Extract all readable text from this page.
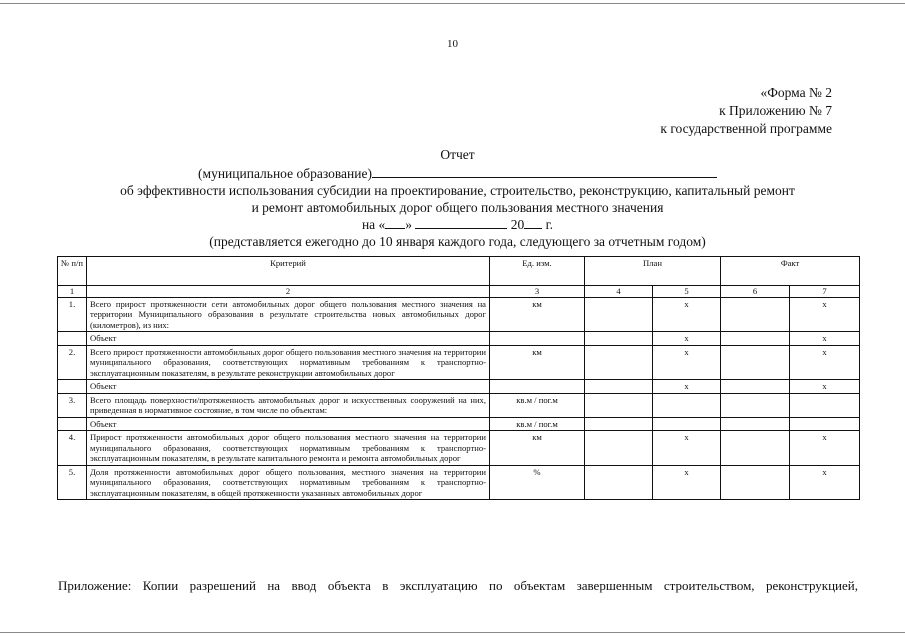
10
«Форма № 2
к Приложению № 7
к государственной программе
Отчет
(муниципальное образование)
об эффективности использования субсидии на проектирование, строительство, реконструкцию, капитальный ремонт
и ремонт автомобильных дорог общего пользования местного значения
на « »	20 г.
(представляется ежегодно до 10 января каждого года, следующего за отчетным годом)
№ п/п	Критерий	Ед. изм.	План		Факт	
1	2	3	4	5	6	7
1.	Всего прирост протяженности сети автомобильных дорог общего пользования местного значения на территории Муниципального образования в результате строительства новых автомобильных дорог (километров), из них:	км		x		x
	Объект			x		x
2.	Всего прирост протяженности автомобильных дорог общего пользования местного значения на территории муниципального образования, соответствующих нормативным требованиям к транспортно-эксплуатационным показателям, в результате реконструкции автомобильных дорог	км		x		x
	Объект			x		x
3.	Всего площадь поверхности/протяженность автомобильных дорог и искусственных сооружений на них, приведенная в нормативное состояние, в том числе по объектам:	кв.м / пог.м				
	Объект	кв.м / пог.м				
4.	Прирост протяженности автомобильных дорог общего пользования местного значения на территории муниципального образования, соответствующих нормативным требованиям к транспортно-эксплуатационным показателям, в результате капитального ремонта и ремонта автомобильных дорог	км		x		x
5.	Доля протяженности автомобильных дорог общего пользования, местного значения на территории муниципального образования, соответствующих нормативным требованиям к транспортно-эксплуатационным показателям, в общей протяженности указанных автомобильных дорог	%		x		x
Приложение: Копии разрешений на ввод объекта в эксплуатацию по объектам завершенным строительством, реконструкцией,
